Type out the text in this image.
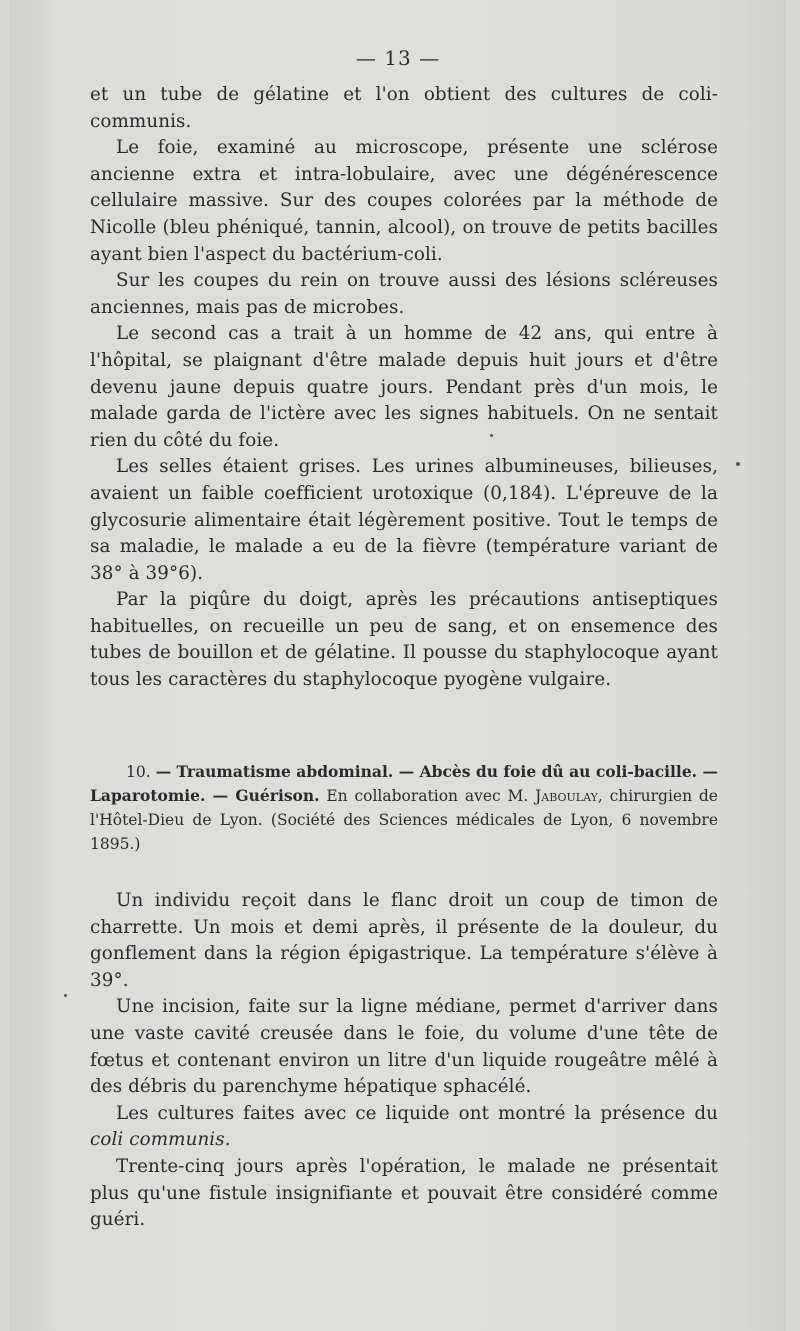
— 13 —

et un tube de gélatine et l'on obtient des cultures de coli-communis.

Le foie, examiné au microscope, présente une sclérose ancienne extra et intra-lobulaire, avec une dégénérescence cellulaire massive. Sur des coupes colorées par la méthode de Nicolle (bleu phéniqué, tannin, alcool), on trouve de petits bacilles ayant bien l'aspect du bactérium-coli.

Sur les coupes du rein on trouve aussi des lésions scléreuses anciennes, mais pas de microbes.

Le second cas a trait à un homme de 42 ans, qui entre à l'hôpital, se plaignant d'être malade depuis huit jours et d'être devenu jaune depuis quatre jours. Pendant près d'un mois, le malade garda de l'ictère avec les signes habituels. On ne sentait rien du côté du foie.

Les selles étaient grises. Les urines albumineuses, bilieuses, avaient un faible coefficient urotoxique (0,184). L'épreuve de la glycosurie alimentaire était légèrement positive. Tout le temps de sa maladie, le malade a eu de la fièvre (température variant de 38° à 39°6).

Par la piqûre du doigt, après les précautions antiseptiques habituelles, on recueille un peu de sang, et on ensemence des tubes de bouillon et de gélatine. Il pousse du staphylocoque ayant tous les caractères du staphylocoque pyogène vulgaire.

10. — Traumatisme abdominal. — Abcès du foie dû au coli-bacille. — Laparotomie. — Guérison. En collaboration avec M. Jaboulay, chirurgien de l'Hôtel-Dieu de Lyon. (Société des Sciences médicales de Lyon, 6 novembre 1895.)

Un individu reçoit dans le flanc droit un coup de timon de charrette. Un mois et demi après, il présente de la douleur, du gonflement dans la région épigastrique. La température s'élève à 39°.

Une incision, faite sur la ligne médiane, permet d'arriver dans une vaste cavité creusée dans le foie, du volume d'une tête de fœtus et contenant environ un litre d'un liquide rougeâtre mêlé à des débris du parenchyme hépatique sphacélé.

Les cultures faites avec ce liquide ont montré la présence du coli communis.

Trente-cinq jours après l'opération, le malade ne présentait plus qu'une fistule insignifiante et pouvait être considéré comme guéri.
